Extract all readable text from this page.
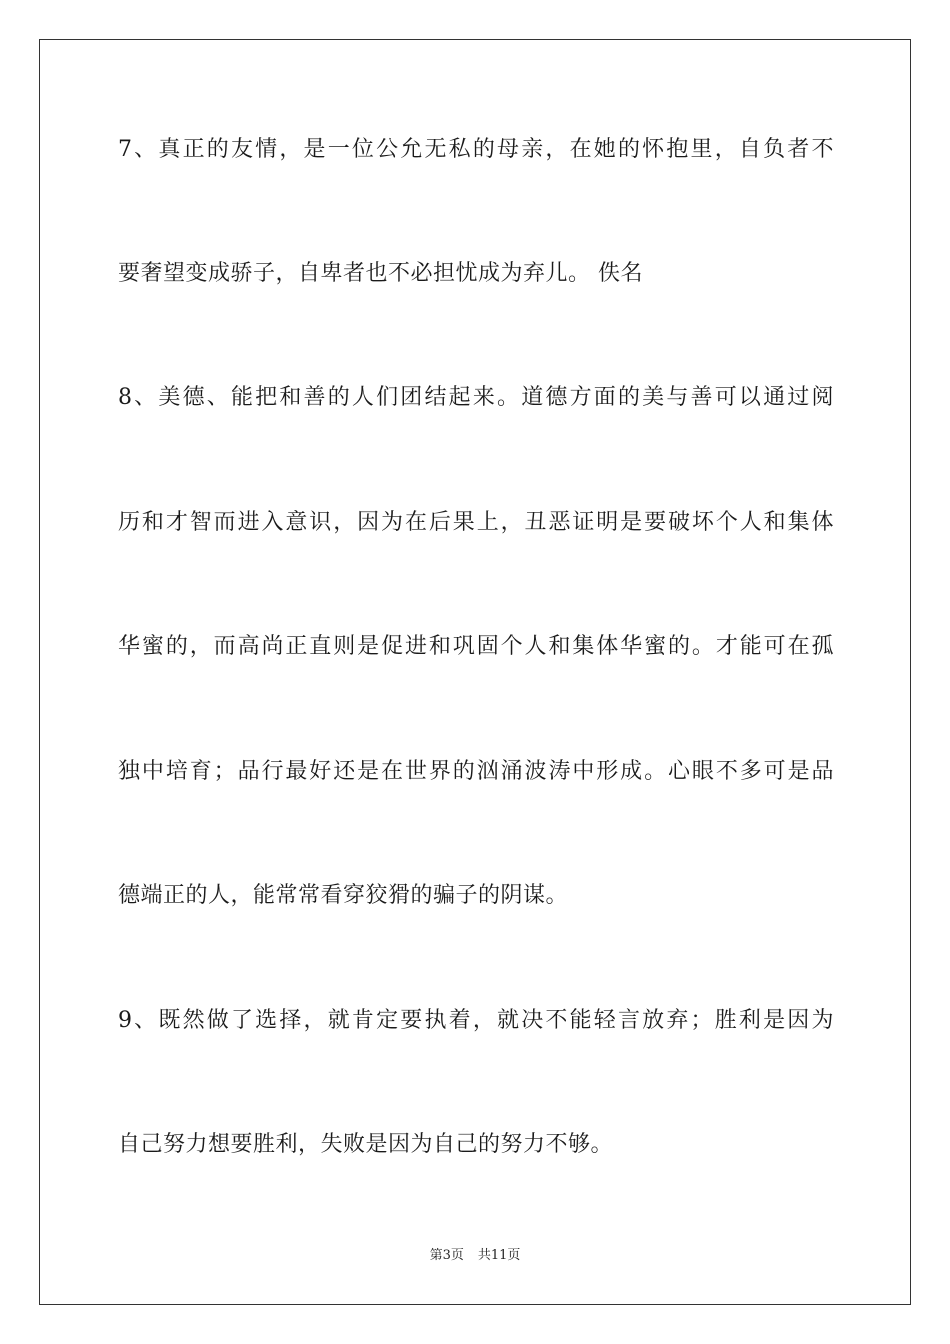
7、真正的友情，是一位公允无私的母亲，在她的怀抱里，自负者不
要奢望变成骄子，自卑者也不必担忧成为弃儿。 佚名
8、美德、能把和善的人们团结起来。道德方面的美与善可以通过阅
历和才智而进入意识，因为在后果上，丑恶证明是要破坏个人和集体
华蜜的，而高尚正直则是促进和巩固个人和集体华蜜的。才能可在孤
独中培育；品行最好还是在世界的汹涌波涛中形成。心眼不多可是品
德端正的人，能常常看穿狡猾的骗子的阴谋。
9、既然做了选择，就肯定要执着，就决不能轻言放弃；胜利是因为
自己努力想要胜利，失败是因为自己的努力不够。
第3页 共11页
